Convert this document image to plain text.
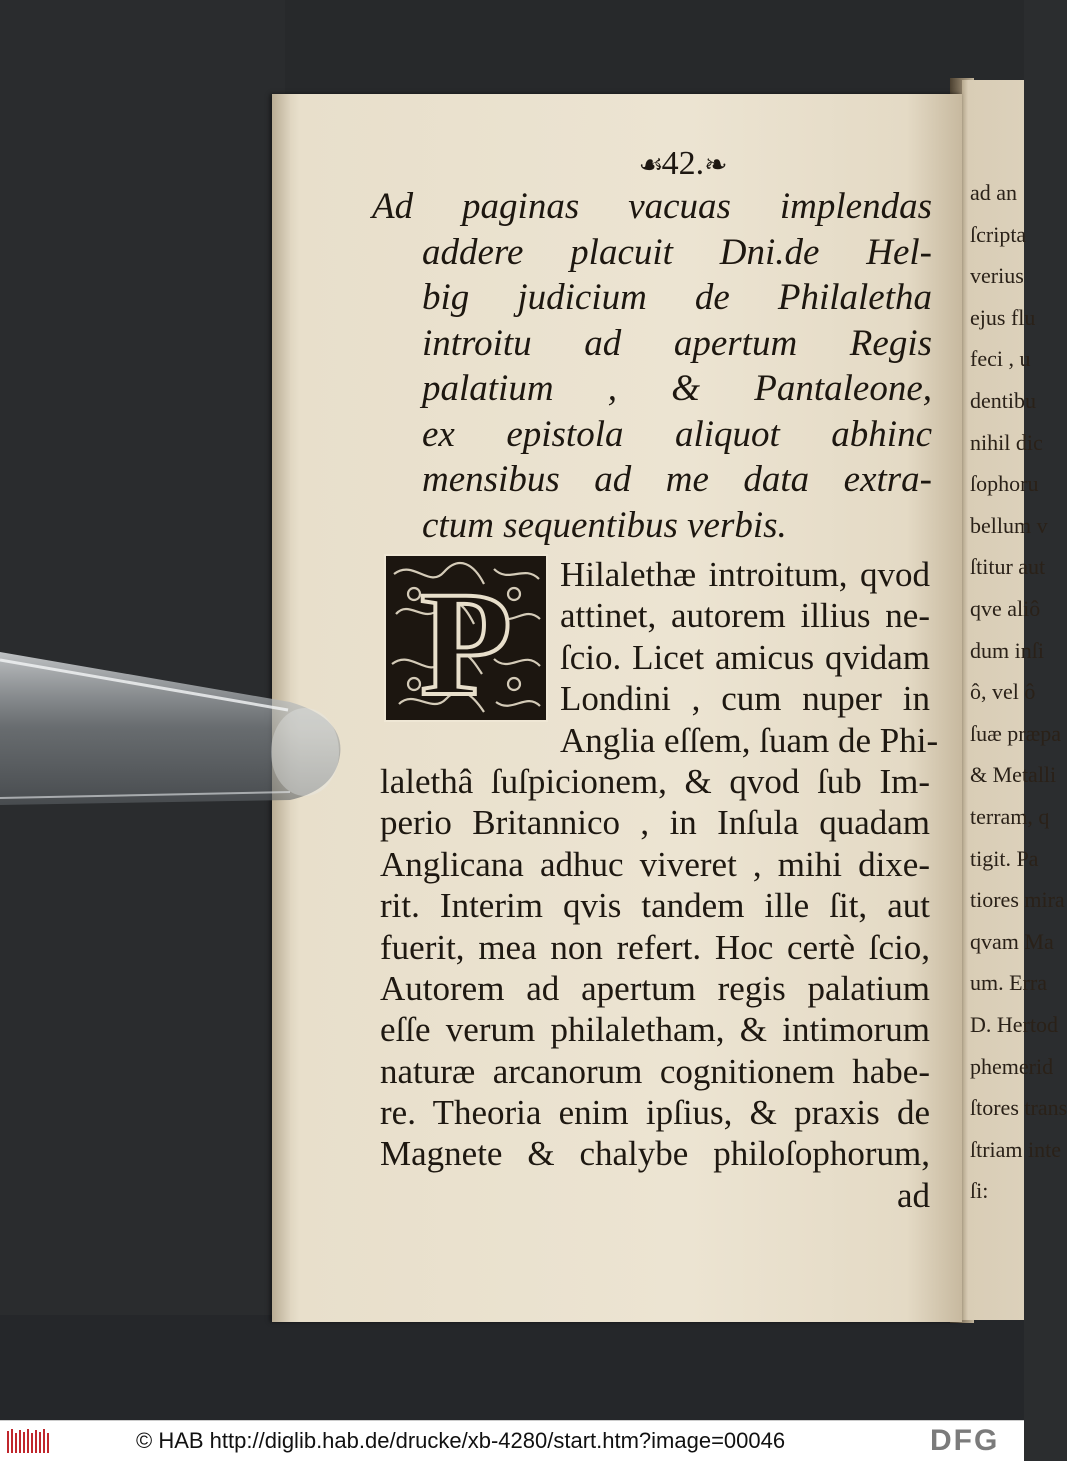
ad an
ſcripta
verius
ejus flu
feci , u
dentibu
nihil dic
ſophoru
bellum v
ſtitur aut
qve aliô
dum inſi
ô, vel ô
ſuæ præpa
& Metalli
terram, q
tigit. Pa
tiores mira
qvam Ma
um. Erra
D. Hertod
phemerid
ſtores trans
ſtriam inte
ſi:
☙42.❧
Ad paginas vacuas implendas
addere placuit Dni.de Hel-
big judicium de Philaletha
introitu ad apertum Regis
palatium , & Pantaleone,
ex epistola aliquot abhinc
mensibus ad me data extra-
ctum sequentibus verbis.
Hilalethæ introitum, qvod
attinet, autorem illius ne-
ſcio. Licet amicus qvidam
Londini , cum nuper in
Anglia eſſem, ſuam de Phi-
lalethâ ſuſpicionem, & qvod ſub Im-
perio Britannico , in Inſula quadam
Anglicana adhuc viveret , mihi dixe-
rit. Interim qvis tandem ille ſit, aut
fuerit, mea non refert. Hoc certè ſcio,
Autorem ad apertum regis palatium
eſſe verum philaletham, & intimorum
naturæ arcanorum cognitionem habe-
re. Theoria enim ipſius, & praxis de
Magnete & chalybe philoſophorum,
ad
P
© HAB http://diglib.hab.de/drucke/xb-4280/start.htm?image=00046	DFG
